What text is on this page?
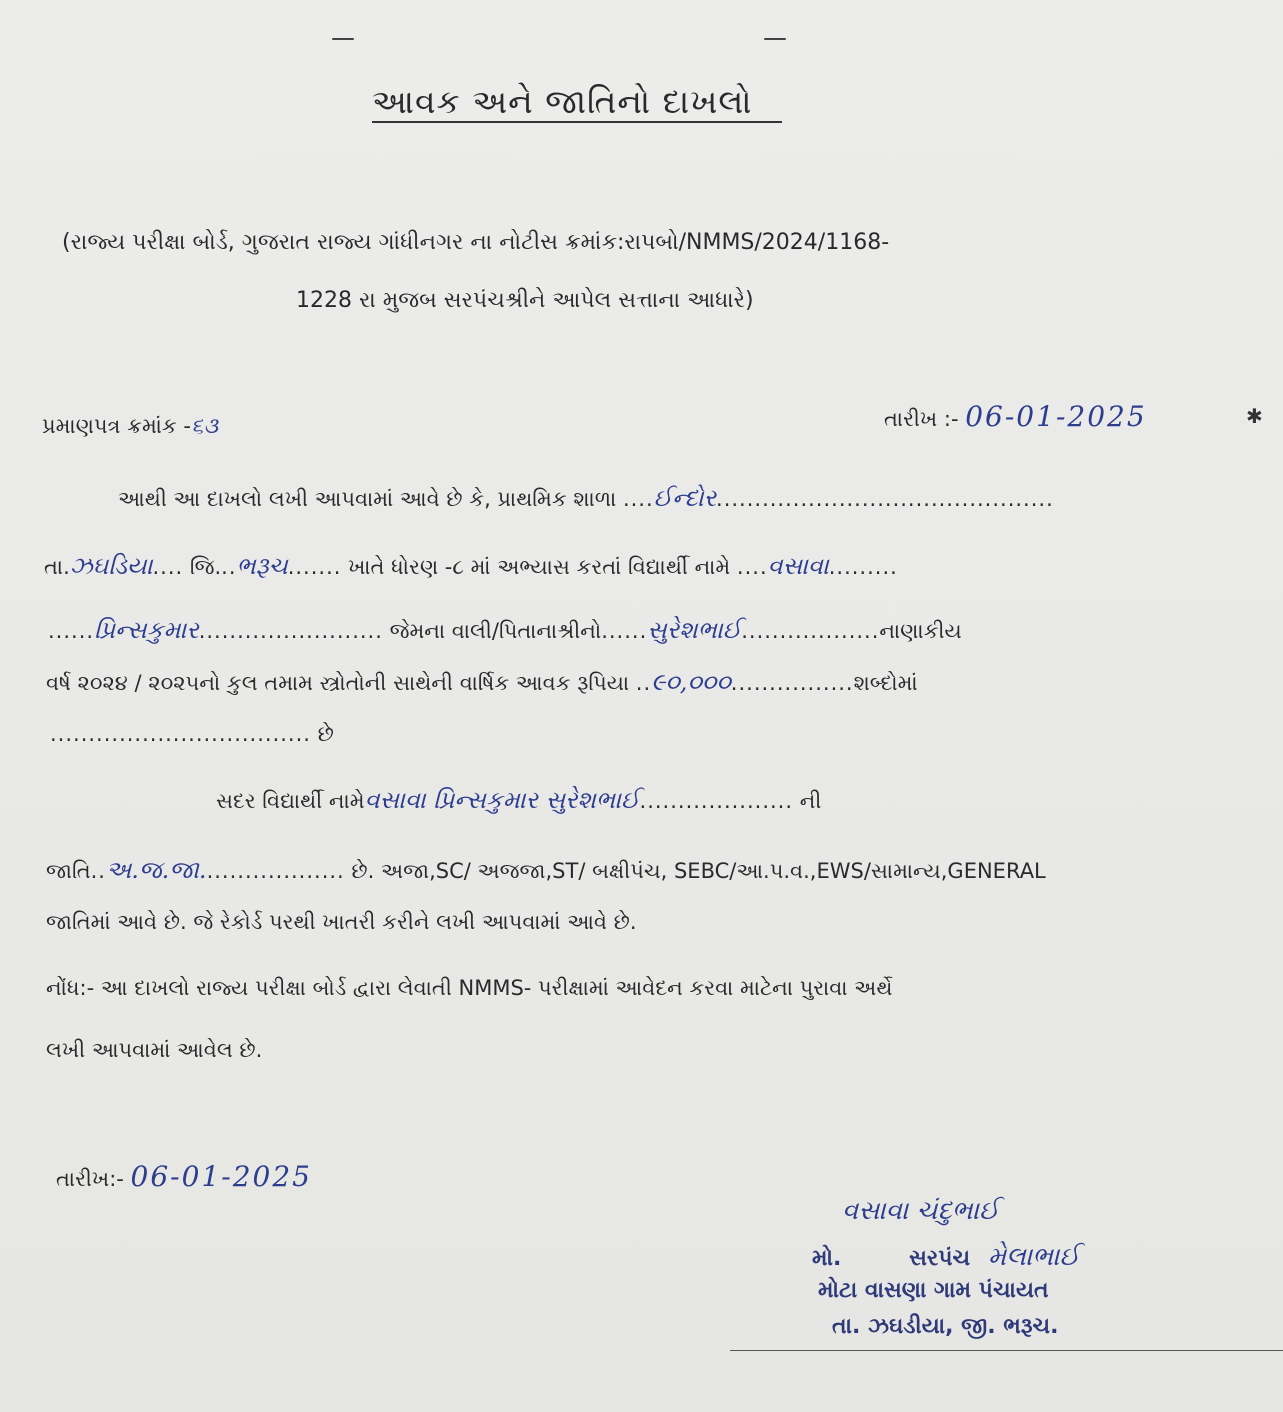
આવક અને જાતિનો દાખલો
(રાજ્ય પરીક્ષા બોર્ડ, ગુજરાત રાજ્ય ગાંધીનગર ના નોટીસ ક્રમાંક:રાપબો/NMMS/2024/1168-
1228 રા મુજબ સરપંચશ્રીને આપેલ સત્તાના આધારે)
પ્રમાણપત્ર ક્રમાંક -૬૩	તારીખ :- 06-01-2025	✱
આથી આ દાખલો લખી આપવામાં આવે છે કે, પ્રાથમિક શાળા ....ઈન્દોર............................................
તા.ઝઘડિયા.... જિ...ભરૂચ....... ખાતે ધોરણ -૮ માં અભ્યાસ કરતાં વિદ્યાર્થી નામે ....વસાવા.........
......પ્રિન્સકુમાર........................ જેમના વાલી/પિતાનાશ્રીનો......સુરેશભાઈ..................નાણાકીય
વર્ષ ૨૦૨૪ / ૨૦૨૫નો કુલ તમામ સ્ત્રોતોની સાથેની વાર્ષિક આવક રૂપિયા ..૯૦,૦૦૦................શબ્દોમાં
.................................. છે
સદર વિદ્યાર્થી નામેવસાવા પ્રિન્સકુમાર સુરેશભાઈ.................... ની
જાતિ..અ.જ.જા................... છે. અજા,SC/ અજજા,ST/ બક્ષીપંચ, SEBC/આ.પ.વ.,EWS/સામાન્ય,GENERAL
જાતિમાં આવે છે. જે રેકોર્ડ પરથી ખાતરી કરીને લખી આપવામાં આવે છે.
નોંધ:- આ દાખલો રાજ્ય પરીક્ષા બોર્ડ દ્વારા લેવાતી NMMS- પરીક્ષામાં આવેદન કરવા માટેના પુરાવા અર્થે
લખી આપવામાં આવેલ છે.
તારીખ:- 06-01-2025
વસાવા ચંદુભાઈ
મો.	સરપંચ મેલાભાઈ
મોટા વાસણા ગામ પંચાયત
તા. ઝઘડીયા, જી. ભરૂચ.
